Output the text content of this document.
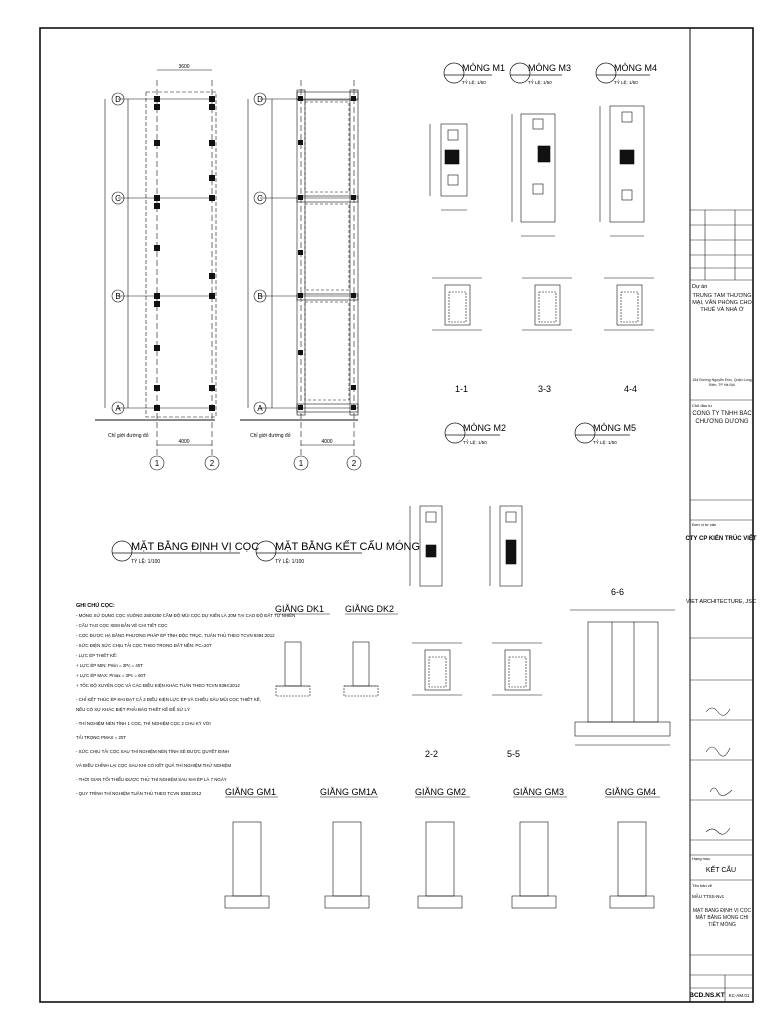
D
C
B
A
1	2
3600
4000
Chỉ giới đường đỏ
D
C
B
A
1	2
4000
Chỉ giới đường đỏ
MẶT BẰNG ĐỊNH VỊ CỌC
TỶ LỆ: 1/100
MẶT BẰNG KẾT CẤU MÓNG
TỶ LỆ: 1/100
MÓNG M1
TỶ LỆ: 1/50
MÓNG M3
TỶ LỆ: 1/50
MÓNG M4
TỶ LỆ: 1/50
MÓNG M2
TỶ LỆ: 1/50
MÓNG M5
TỶ LỆ: 1/50
1-1	3-3	4-4
2-2	5-5
6-6
GIẰNG DK1 GIẰNG DK2
GIẰNG GM1	GIẰNG GM1A	GIẰNG GM2	GIẰNG GM3	GIẰNG GM4
GHI CHÚ CỌC:
- MÓNG SỬ DỤNG CỌC VUÔNG 250X250 CẮM ĐỘ MŨI CỌC DỰ KIẾN LÀ 20M TẠI CAO ĐỘ ĐẤT TỰ NHIÊN
- CẤU TẠO CỌC XEM BẢN VẼ CHI TIẾT CỌC
- CỌC ĐƯỢC HẠ BẰNG PHƯƠNG PHÁP ÉP TĨNH ĐỘC TRỤC, TUÂN THỦ THEO TCVN 9394:2012
- SỨC ĐIỆN SỨC CHỊU TẢI CỌC THEO TRONG ĐẤT NỀN: PC=20T
- LỰC ÉP THIẾT KẾ:
+ LỰC ÉP MIN: Pmin = 2Pc = 40T
+ LỰC ÉP MAX: Pmax = 3Pc = 60T
+ TỐC ĐỘ XUYÊN CỌC VÀ CÁC ĐIỀU KIỆN KHÁC TUÂN THEO TCVN 9394:2012
- CHỈ KẾT THÚC ÉP KHI ĐẠT CẢ 2 ĐIỀU KIỆN LỰC ÉP VÀ CHIỀU SÂU MŨI CỌC THIẾT KẾ,
NẾU CÓ SỰ KHÁC BIỆT PHẢI BÁO THIẾT KẾ ĐỂ XỬ LÝ
- THÍ NGHIỆM NÉN TĨNH 1 CỌC, THÍ NGHIỆM CỌC 2 CHU KỲ VỚI
TẢI TRỌNG PMAX = 20T
- SỨC CHỊU TẢI CỌC SAU THÍ NGHIỆM NÉN TĨNH SẼ ĐƯỢC QUYẾT ĐỊNH
VÀ ĐIỀU CHỈNH LẠI CỌC SAU KHI CÓ KẾT QUẢ THÍ NGHIỆM THỬ NGHIỆM
- THỜI GIAN TỐI THIỂU ĐƯỢC THỬ THÍ NGHIỆM SAU KHI ÉP LÀ 7 NGÀY
- QUY TRÌNH THÍ NGHIỆM TUÂN THỦ THEO TCVN 9393:2012
Dự án
TRUNG TÂM THƯƠNG MẠI, VĂN PHÒNG CHO THUÊ VÀ NHÀ Ở
184 Đường Nguyễn Đức, Quận Long Biên, TP Hà Nội
Chủ đầu tư
CÔNG TY TNHH BẮC CHƯƠNG DƯƠNG
Đơn vị tư vấn
CTY CP KIẾN TRÚC VIỆT
VIET ARCHITECTURE, JSC
Hạng mục
KẾT CẤU
Tên bản vẽ
MẪU TTSS-Nv1
MẶT BẰNG ĐỊNH VỊ CỌC MẶT BẰNG MÓNG CHI TIẾT MÓNG
BCD.NS.KT KC-AM.01
